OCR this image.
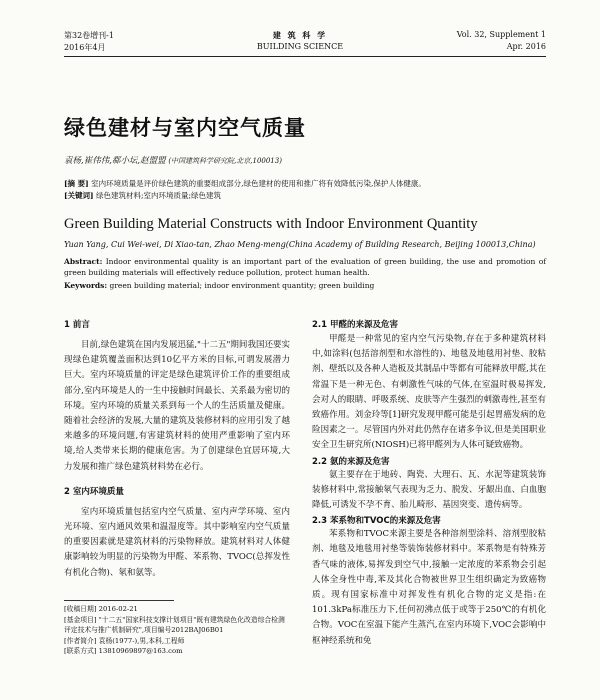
第32卷增刊-1
2016年4月
建 筑 科 学
BUILDING SCIENCE
Vol. 32, Supplement 1
Apr. 2016
绿色建材与室内空气质量
袁杨,崔伟伟,郗小坛,赵盟盟 (中国建筑科学研究院,北京,100013)
[摘 要] 室内环境质量是评价绿色建筑的重要组成部分,绿色建材的使用和推广将有效降低污染,保护人体健康。
[关键词] 绿色建筑材料;室内环境质量;绿色建筑
Green Building Material Constructs with Indoor Environment Quantity
Yuan Yang, Cui Wei-wei, Di Xiao-tan, Zhao Meng-meng(China Academy of Building Research, Beijing 100013,China)
Abstract: Indoor environmental quality is an important part of the evaluation of green building, the use and promotion of green building materials will effectively reduce pollution, protect human health.
Keywords: green building material; indoor environment quantity; green building
1 前言
目前,绿色建筑在国内发展迅猛,"十二五"期间我国还要实现绿色建筑覆盖面积达到10亿平方米的目标,可谓发展潜力巨大。室内环境质量的评定是绿色建筑评价工作的重要组成部分,室内环境是人的一生中接触时间最长、关系最为密切的环境。室内环境的质量关系到每一个人的生活质量及健康。随着社会经济的发展,大量的建筑及装修材料的应用引发了越来越多的环境问题,有害建筑材料的使用严重影响了室内环境,给人类带来长期的健康危害。为了创建绿色宜居环境,大力发展和推广绿色建筑材料势在必行。
2 室内环境质量
室内环境质量包括室内空气质量、室内声学环境、室内光环境、室内通风效果和温湿度等。其中影响室内空气质量的重要因素就是建筑材料的污染物释放。建筑材料对人体健康影响较为明显的污染物为甲醛、苯系物、TVOC(总挥发性有机化合物)、氡和氨等。
[收稿日期] 2016-02-21
[基金项目] "十二五"国家科技支撑计划项目"既有建筑绿色化改造综合检测评定技术与推广机制研究",项目编号2012BAJ06B01
[作者简介] 袁杨(1977-),男,本科,工程师
[联系方式] 13810969897@163.com
2.1 甲醛的来源及危害
甲醛是一种常见的室内空气污染物,存在于多种建筑材料中,如涂料(包括溶剂型和水溶性的)、地毯及地毯用衬垫、胶粘剂、壁纸以及各种人造板及其制品中等都有可能释放甲醛,其在常温下是一种无色、有刺激性气味的气体,在室温时极易挥发,会对人的眼睛、呼吸系统、皮肤等产生强烈的刺激毒性,甚至有致癌作用。刘金玲等[1]研究发现甲醛可能是引起胃癌发病的危险因素之一。尽管国内外对此仍然存在诸多争议,但是美国职业安全卫生研究所(NIOSH)已将甲醛列为人体可疑致癌物。
2.2 氨的来源及危害
氨主要存在于地砖、陶瓷、大理石、瓦、水泥等建筑装饰装修材料中,常接触氡气表现为乏力、脱发、牙龈出血、白血胞降低,可诱发不孕不育、胎儿畸形、基因突变、遗传病等。
2.3 苯系物和TVOC的来源及危害
苯系物和TVOC来源主要是各种溶剂型涂料、溶剂型胶粘剂、地毯及地毯用衬垫等装饰装修材料中。苯系物是有特殊芳香气味的液体,易挥发到空气中,接触一定浓度的苯系物会引起人体全身性中毒,苯及其化合物被世界卫生组织确定为致癌物质。现有国家标准中对挥发性有机化合物的定义是指:在101.3kPa标准压力下,任何初沸点低于或等于250℃的有机化合物。VOC在室温下能产生蒸汽,在室内环境下,VOC会影响中枢神经系统和免
